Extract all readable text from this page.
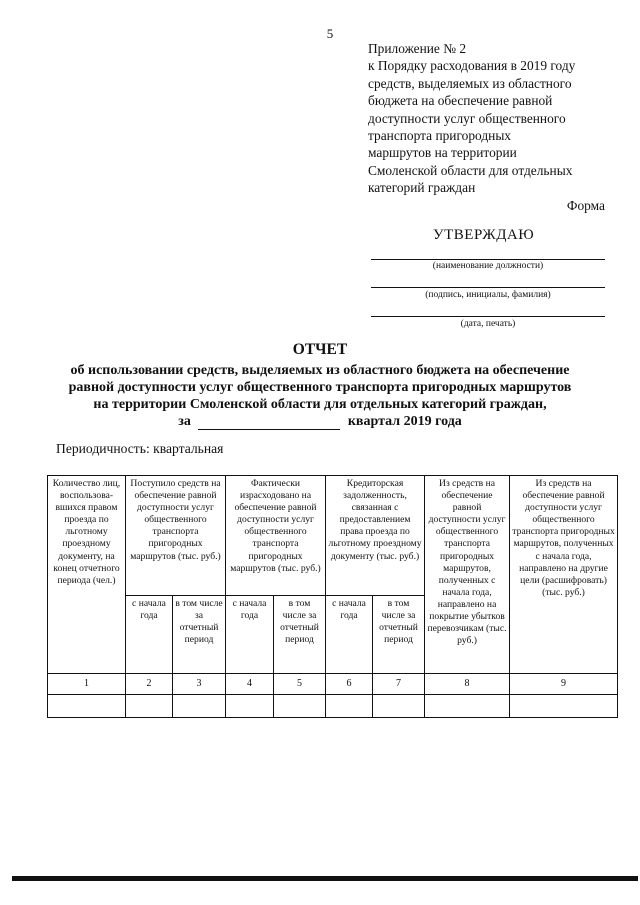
5
Приложение № 2
к Порядку расходования в 2019 году
средств, выделяемых из областного
бюджета на обеспечение равной
доступности услуг общественного
транспорта пригородных
маршрутов на территории
Смоленской области для отдельных
категорий граждан
Форма
УТВЕРЖДАЮ
(наименование должности)
(подпись, инициалы, фамилия)
(дата, печать)
ОТЧЕТ
об использовании средств, выделяемых из областного бюджета на обеспечение
равной доступности услуг общественного транспорта пригородных маршрутов
на территории Смоленской области для отдельных категорий граждан,
за	квартал 2019 года
Периодичность: квартальная
Количество лиц, воспользова-вшихся правом проезда по льготному проездному документу, на конец отчетного периода (чел.)	Поступило средств на обеспечение равной доступности услуг общественного транспорта пригородных маршрутов (тыс. руб.)		Фактически израсходовано на обеспечение равной доступности услуг общественного транспорта пригородных маршрутов (тыс. руб.)		Кредиторская задолженность, связанная с предоставлением права проезда по льготному проездному документу (тыс. руб.)		Из средств на обеспечение равной доступности услуг общественного транспорта пригородных маршрутов, полученных с начала года, направлено на покрытие убытков перевозчикам (тыс. руб.)	Из средств на обеспечение равной доступности услуг общественного транспорта пригородных маршрутов, полученных с начала года, направлено на другие цели (расшифровать) (тыс. руб.)
	с начала года	в том числе за отчетный период	с начала года	в том числе за отчетный период	с начала года	в том числе за отчетный период		
1	2	3	4	5	6	7	8	9
